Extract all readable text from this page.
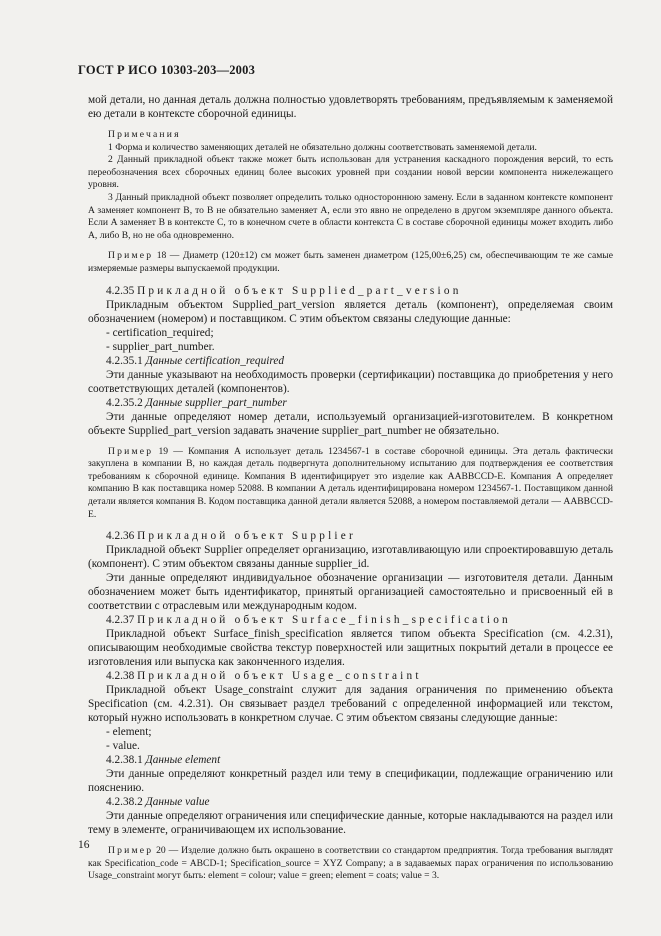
ГОСТ Р ИСО 10303-203—2003

мой детали, но данная деталь должна полностью удовлетворять требованиям, предъявляемым к заменяемой ею детали в контексте сборочной единицы.

Примечания

1 Форма и количество заменяющих деталей не обязательно должны соответствовать заменяемой детали.

2 Данный прикладной объект также может быть использован для устранения каскадного порождения версий, то есть переобозначения всех сборочных единиц более высоких уровней при создании новой версии компонента нижележащего уровня.

3 Данный прикладной объект позволяет определить только одностороннюю замену. Если в заданном контексте компонент A заменяет компонент B, то B не обязательно заменяет A, если это явно не определено в другом экземпляре данного объекта. Если A заменяет B в контексте C, то в конечном счете в области контекста C в составе сборочной единицы может входить либо A, либо B, но не оба одновременно.

Пример 18 — Диаметр (120±12) см может быть заменен диаметром (125,00±6,25) см, обеспечивающим те же самые измеряемые размеры выпускаемой продукции.

4.2.35 Прикладной объект Supplied_part_version

Прикладным объектом Supplied_part_version является деталь (компонент), определяемая своим обозначением (номером) и поставщиком. С этим объектом связаны следующие данные:

- certification_required;

- supplier_part_number.

4.2.35.1 Данные certification_required

Эти данные указывают на необходимость проверки (сертификации) поставщика до приобретения у него соответствующих деталей (компонентов).

4.2.35.2 Данные supplier_part_number

Эти данные определяют номер детали, используемый организацией-изготовителем. В конкретном объекте Supplied_part_version задавать значение supplier_part_number не обязательно.

Пример 19 — Компания A использует деталь 1234567-1 в составе сборочной единицы. Эта деталь фактически закуплена в компании B, но каждая деталь подвергнута дополнительному испытанию для подтверждения ее соответствия требованиям к сборочной единице. Компания B идентифицирует это изделие как AABBCCD-E. Компания A определяет компанию B как поставщика номер 52088. В компании A деталь идентифицирована номером 1234567-1. Поставщиком данной детали является компания B. Кодом поставщика данной детали является 52088, а номером поставляемой детали — AABBCCD-E.

4.2.36 Прикладной объект Supplier

Прикладной объект Supplier определяет организацию, изготавливающую или спроектировавшую деталь (компонент). С этим объектом связаны данные supplier_id.

Эти данные определяют индивидуальное обозначение организации — изготовителя детали. Данным обозначением может быть идентификатор, принятый организацией самостоятельно и присвоенный ей в соответствии с отраслевым или международным кодом.

4.2.37 Прикладной объект Surface_finish_specification

Прикладной объект Surface_finish_specification является типом объекта Specification (см. 4.2.31), описывающим необходимые свойства текстур поверхностей или защитных покрытий детали в процессе ее изготовления или выпуска как законченного изделия.

4.2.38 Прикладной объект Usage_constraint

Прикладной объект Usage_constraint служит для задания ограничения по применению объекта Specification (см. 4.2.31). Он связывает раздел требований с определенной информацией или текстом, который нужно использовать в конкретном случае. С этим объектом связаны следующие данные:

- element;

- value.

4.2.38.1 Данные element

Эти данные определяют конкретный раздел или тему в спецификации, подлежащие ограничению или пояснению.

4.2.38.2 Данные value

Эти данные определяют ограничения или специфические данные, которые накладываются на раздел или тему в элементе, ограничивающем их использование.

Пример 20 — Изделие должно быть окрашено в соответствии со стандартом предприятия. Тогда требования выглядят как Specification_code = ABCD-1; Specification_source = XYZ Company; а в задаваемых парах ограничения по использованию Usage_constraint могут быть: element = colour; value = green; element = coats; value = 3.

16
